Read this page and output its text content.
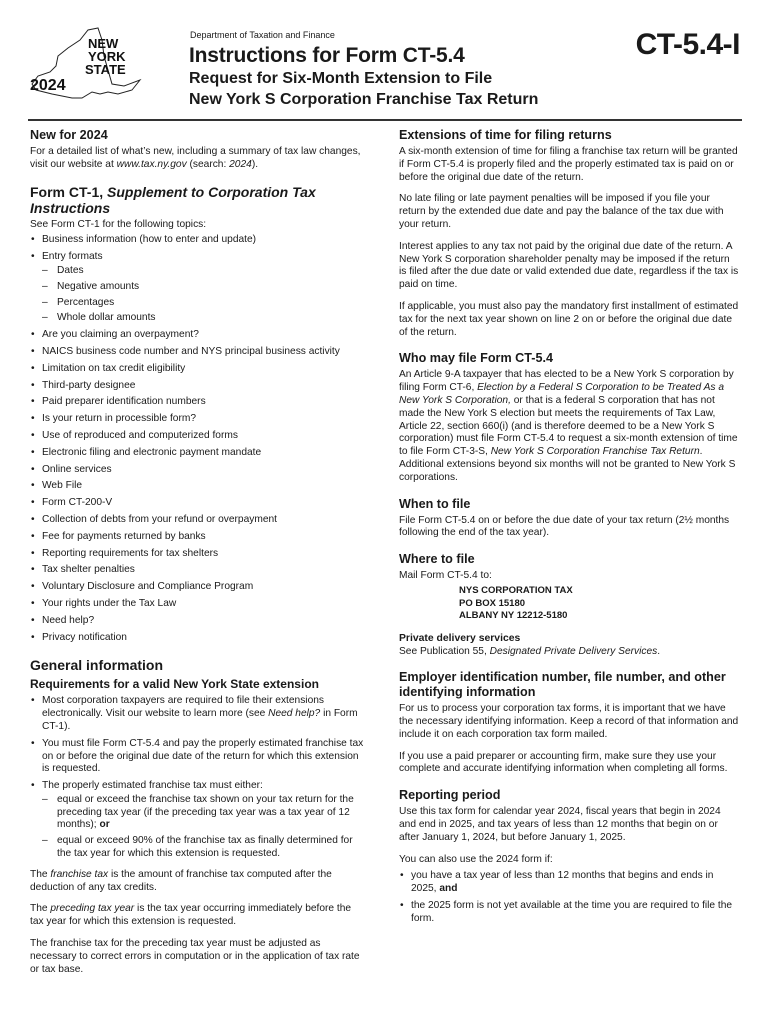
NEW
YORK
STATE
2024
Department of Taxation and Finance
Instructions for Form CT-5.4
Request for Six-Month Extension to File
New York S Corporation Franchise Tax Return
CT-5.4-I
New for 2024

For a detailed list of what’s new, including a summary of tax law changes, visit our website at www.tax.ny.gov (search: 2024).

Form CT-1, Supplement to Corporation Tax Instructions
See Form CT-1 for the following topics:
• Business information (how to enter and update)
• Entry formats
– Dates
– Negative amounts
– Percentages
– Whole dollar amounts
• Are you claiming an overpayment?
• NAICS business code number and NYS principal business activity
• Limitation on tax credit eligibility
• Third-party designee
• Paid preparer identification numbers
• Is your return in processible form?
• Use of reproduced and computerized forms
• Electronic filing and electronic payment mandate
• Online services
• Web File
• Form CT-200-V
• Collection of debts from your refund or overpayment
• Fee for payments returned by banks
• Reporting requirements for tax shelters
• Tax shelter penalties
• Voluntary Disclosure and Compliance Program
• Your rights under the Tax Law
• Need help?
• Privacy notification
General information
Requirements for a valid New York State extension
• Most corporation taxpayers are required to file their extensions electronically. Visit our website to learn more (see Need help? in Form CT-1).
• You must file Form CT-5.4 and pay the properly estimated franchise tax on or before the original due date of the return for which this extension is requested.
• The properly estimated franchise tax must either:
– equal or exceed the franchise tax shown on your tax return for the preceding tax year (if the preceding tax year was a tax year of 12 months); or
– equal or exceed 90% of the franchise tax as finally determined for the tax year for which this extension is requested.

The franchise tax is the amount of franchise tax computed after the deduction of any tax credits.

The preceding tax year is the tax year occurring immediately before the tax year for which this extension is requested.

The franchise tax for the preceding tax year must be adjusted as necessary to correct errors in computation or in the application of tax rate or tax base.

Extensions of time for filing returns

A six-month extension of time for filing a franchise tax return will be granted if Form CT-5.4 is properly filed and the properly estimated tax is paid on or before the original due date of the return.

No late filing or late payment penalties will be imposed if you file your return by the extended due date and pay the balance of the tax due with your return.

Interest applies to any tax not paid by the original due date of the return. A New York S corporation shareholder penalty may be imposed if the return is filed after the due date or valid extended due date, regardless if the tax is paid on time.

If applicable, you must also pay the mandatory first installment of estimated tax for the next tax year shown on line 2 on or before the original due date of the return.

Who may file Form CT-5.4

An Article 9-A taxpayer that has elected to be a New York S corporation by filing Form CT-6, Election by a Federal S Corporation to be Treated As a New York S Corporation, or that is a federal S corporation that has not made the New York S election but meets the requirements of Tax Law, Article 22, section 660(i) (and is therefore deemed to be a New York S corporation) must file Form CT-5.4 to request a six-month extension of time to file Form CT-3-S, New York S Corporation Franchise Tax Return. Additional extensions beyond six months will not be granted to New York S corporations.

When to file

File Form CT-5.4 on or before the due date of your tax return (2½ months following the end of the tax year).

Where to file
Mail Form CT-5.4 to:
NYS CORPORATION TAX
PO BOX 15180
ALBANY NY 12212-5180
Private delivery services

See Publication 55, Designated Private Delivery Services.

Employer identification number, file number, and other identifying information

For us to process your corporation tax forms, it is important that we have the necessary identifying information. Keep a record of that information and include it on each corporation tax form mailed.

If you use a paid preparer or accounting firm, make sure they use your complete and accurate identifying information when completing all forms.

Reporting period

Use this tax form for calendar year 2024, fiscal years that begin in 2024 and end in 2025, and tax years of less than 12 months that begin on or after January 1, 2024, but before January 1, 2025.

You can also use the 2024 form if:
• you have a tax year of less than 12 months that begins and ends in 2025, and
• the 2025 form is not yet available at the time you are required to file the form.
